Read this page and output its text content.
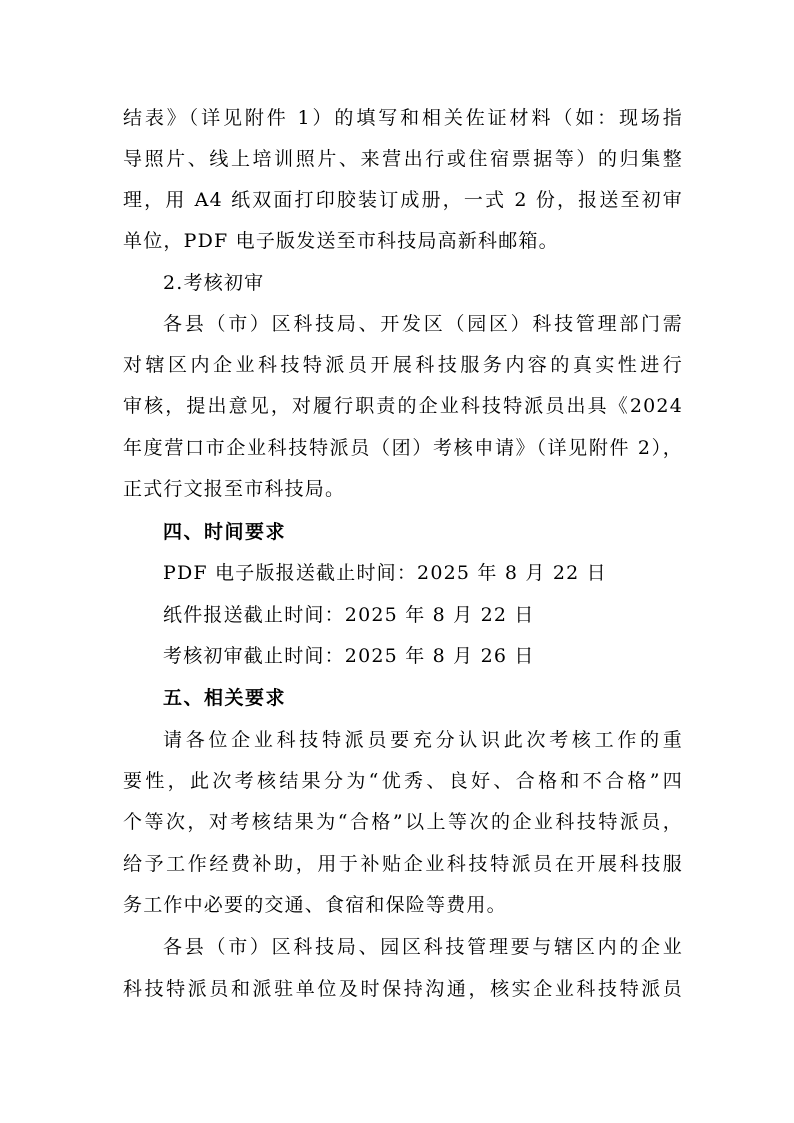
结表》（详见附件 1）的填写和相关佐证材料（如：现场指
导照片、线上培训照片、来营出行或住宿票据等）的归集整
理，用 A4 纸双面打印胶装订成册，一式 2 份，报送至初审
单位，PDF 电子版发送至市科技局高新科邮箱。
2.考核初审
各县（市）区科技局、开发区（园区）科技管理部门需
对辖区内企业科技特派员开展科技服务内容的真实性进行
审核，提出意见，对履行职责的企业科技特派员出具《2024
年度营口市企业科技特派员（团）考核申请》（详见附件 2），
正式行文报至市科技局。
四、时间要求
PDF 电子版报送截止时间：2025 年 8 月 22 日
纸件报送截止时间：2025 年 8 月 22 日
考核初审截止时间：2025 年 8 月 26 日
五、相关要求
请各位企业科技特派员要充分认识此次考核工作的重
要性，此次考核结果分为“优秀、良好、合格和不合格”四
个等次，对考核结果为“合格”以上等次的企业科技特派员，
给予工作经费补助，用于补贴企业科技特派员在开展科技服
务工作中必要的交通、食宿和保险等费用。
各县（市）区科技局、园区科技管理要与辖区内的企业
科技特派员和派驻单位及时保持沟通，核实企业科技特派员
